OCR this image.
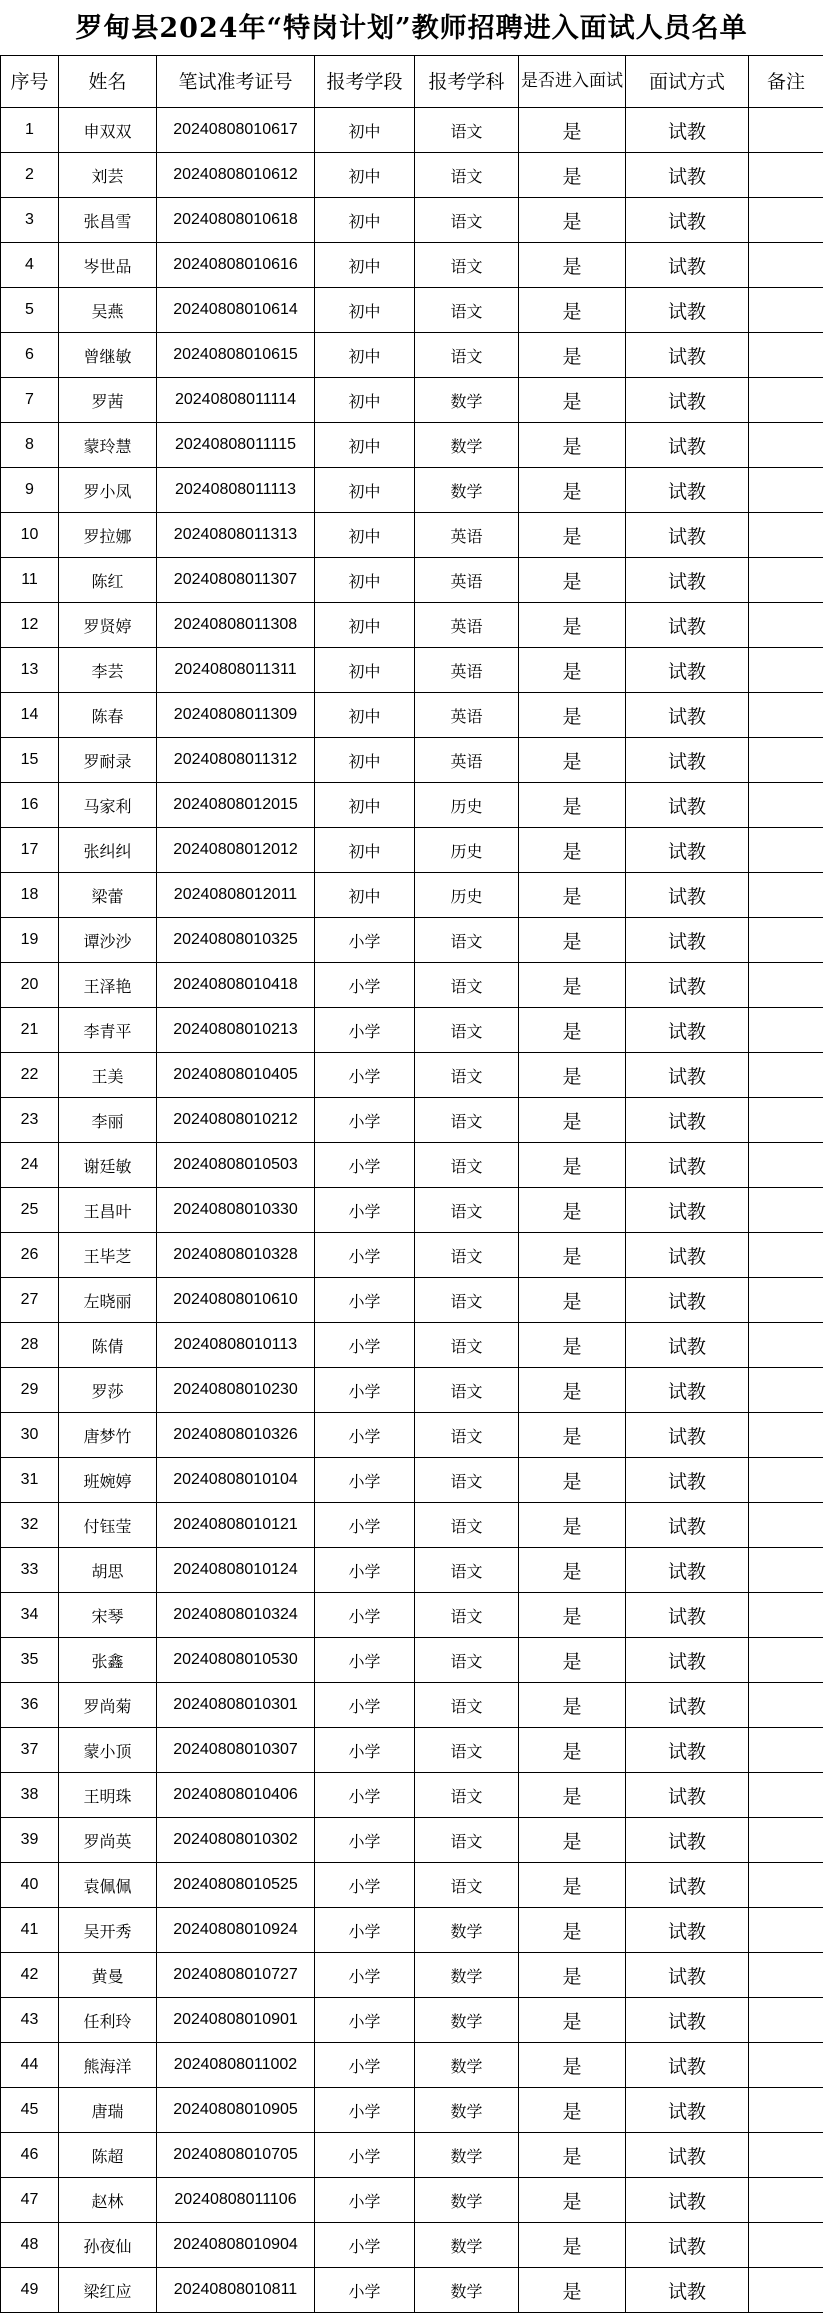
罗甸县2024年“特岗计划”教师招聘进入面试人员名单
序号	姓名	笔试准考证号	报考学段	报考学科	是否进入面试	面试方式	备注
1	申双双	20240808010617	初中	语文	是	试教	
2	刘芸	20240808010612	初中	语文	是	试教	
3	张昌雪	20240808010618	初中	语文	是	试教	
4	岑世品	20240808010616	初中	语文	是	试教	
5	吴燕	20240808010614	初中	语文	是	试教	
6	曾继敏	20240808010615	初中	语文	是	试教	
7	罗茜	20240808011114	初中	数学	是	试教	
8	蒙玲慧	20240808011115	初中	数学	是	试教	
9	罗小凤	20240808011113	初中	数学	是	试教	
10	罗拉娜	20240808011313	初中	英语	是	试教	
11	陈红	20240808011307	初中	英语	是	试教	
12	罗贤婷	20240808011308	初中	英语	是	试教	
13	李芸	20240808011311	初中	英语	是	试教	
14	陈春	20240808011309	初中	英语	是	试教	
15	罗耐录	20240808011312	初中	英语	是	试教	
16	马家利	20240808012015	初中	历史	是	试教	
17	张纠纠	20240808012012	初中	历史	是	试教	
18	梁蕾	20240808012011	初中	历史	是	试教	
19	谭沙沙	20240808010325	小学	语文	是	试教	
20	王泽艳	20240808010418	小学	语文	是	试教	
21	李青平	20240808010213	小学	语文	是	试教	
22	王美	20240808010405	小学	语文	是	试教	
23	李丽	20240808010212	小学	语文	是	试教	
24	谢廷敏	20240808010503	小学	语文	是	试教	
25	王昌叶	20240808010330	小学	语文	是	试教	
26	王毕芝	20240808010328	小学	语文	是	试教	
27	左晓丽	20240808010610	小学	语文	是	试教	
28	陈倩	20240808010113	小学	语文	是	试教	
29	罗莎	20240808010230	小学	语文	是	试教	
30	唐梦竹	20240808010326	小学	语文	是	试教	
31	班婉婷	20240808010104	小学	语文	是	试教	
32	付钰莹	20240808010121	小学	语文	是	试教	
33	胡思	20240808010124	小学	语文	是	试教	
34	宋琴	20240808010324	小学	语文	是	试教	
35	张鑫	20240808010530	小学	语文	是	试教	
36	罗尚菊	20240808010301	小学	语文	是	试教	
37	蒙小顶	20240808010307	小学	语文	是	试教	
38	王明珠	20240808010406	小学	语文	是	试教	
39	罗尚英	20240808010302	小学	语文	是	试教	
40	袁佩佩	20240808010525	小学	语文	是	试教	
41	吴开秀	20240808010924	小学	数学	是	试教	
42	黄曼	20240808010727	小学	数学	是	试教	
43	任利玲	20240808010901	小学	数学	是	试教	
44	熊海洋	20240808011002	小学	数学	是	试教	
45	唐瑞	20240808010905	小学	数学	是	试教	
46	陈超	20240808010705	小学	数学	是	试教	
47	赵林	20240808011106	小学	数学	是	试教	
48	孙夜仙	20240808010904	小学	数学	是	试教	
49	梁红应	20240808010811	小学	数学	是	试教	
